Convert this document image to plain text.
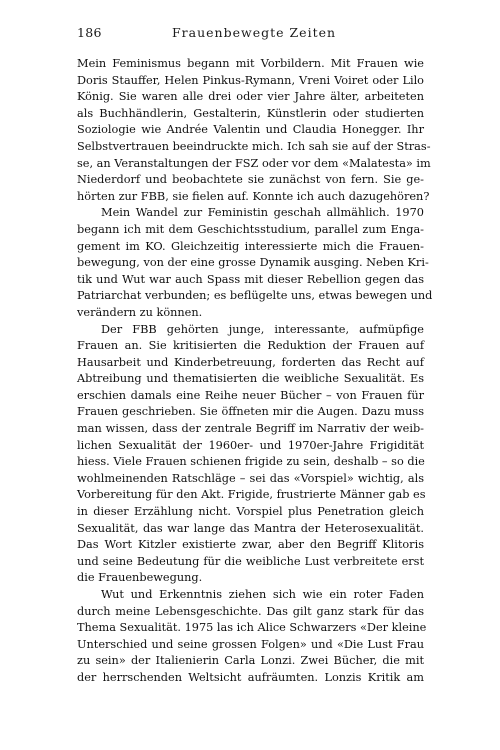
186	Frauenbewegte Zeiten
Mein Feminismus begann mit Vorbildern. Mit Frauen wie
Doris Stauffer, Helen Pinkus-Rymann, Vreni Voiret oder Lilo
König. Sie waren alle drei oder vier Jahre älter, arbeiteten
als Buchhändlerin, Gestalterin, Künstlerin oder studierten
Soziologie wie Andrée Valentin und Claudia Honegger. Ihr
Selbstvertrauen beeindruckte mich. Ich sah sie auf der Stras-
se, an Veranstaltungen der FSZ oder vor dem «Malatesta» im
Niederdorf und beobachtete sie zunächst von fern. Sie ge-
hörten zur FBB, sie fielen auf. Konnte ich auch dazugehören?
Mein Wandel zur Feministin geschah allmählich. 1970
begann ich mit dem Geschichtsstudium, parallel zum Enga-
gement im KO. Gleichzeitig interessierte mich die Frauen-
bewegung, von der eine grosse Dynamik ausging. Neben Kri-
tik und Wut war auch Spass mit dieser Rebellion gegen das
Patriarchat verbunden; es beflügelte uns, etwas bewegen und
verändern zu können.
Der FBB gehörten junge, interessante, aufmüpfige
Frauen an. Sie kritisierten die Reduktion der Frauen auf
Hausarbeit und Kinderbetreuung, forderten das Recht auf
Abtreibung und thematisierten die weibliche Sexualität. Es
erschien damals eine Reihe neuer Bücher – von Frauen für
Frauen geschrieben. Sie öffneten mir die Augen. Dazu muss
man wissen, dass der zentrale Begriff im Narrativ der weib-
lichen Sexualität der 1960er- und 1970er-Jahre Frigidität
hiess. Viele Frauen schienen frigide zu sein, deshalb – so die
wohlmeinenden Ratschläge – sei das «Vorspiel» wichtig, als
Vorbereitung für den Akt. Frigide, frustrierte Männer gab es
in dieser Erzählung nicht. Vorspiel plus Penetration gleich
Sexualität, das war lange das Mantra der Heterosexualität.
Das Wort Kitzler existierte zwar, aber den Begriff Klitoris
und seine Bedeutung für die weibliche Lust verbreitete erst
die Frauenbewegung.
Wut und Erkenntnis ziehen sich wie ein roter Faden
durch meine Lebensgeschichte. Das gilt ganz stark für das
Thema Sexualität. 1975 las ich Alice Schwarzers «Der kleine
Unterschied und seine grossen Folgen» und «Die Lust Frau
zu sein» der Italienierin Carla Lonzi. Zwei Bücher, die mit
der herrschenden Weltsicht aufräumten. Lonzis Kritik am
